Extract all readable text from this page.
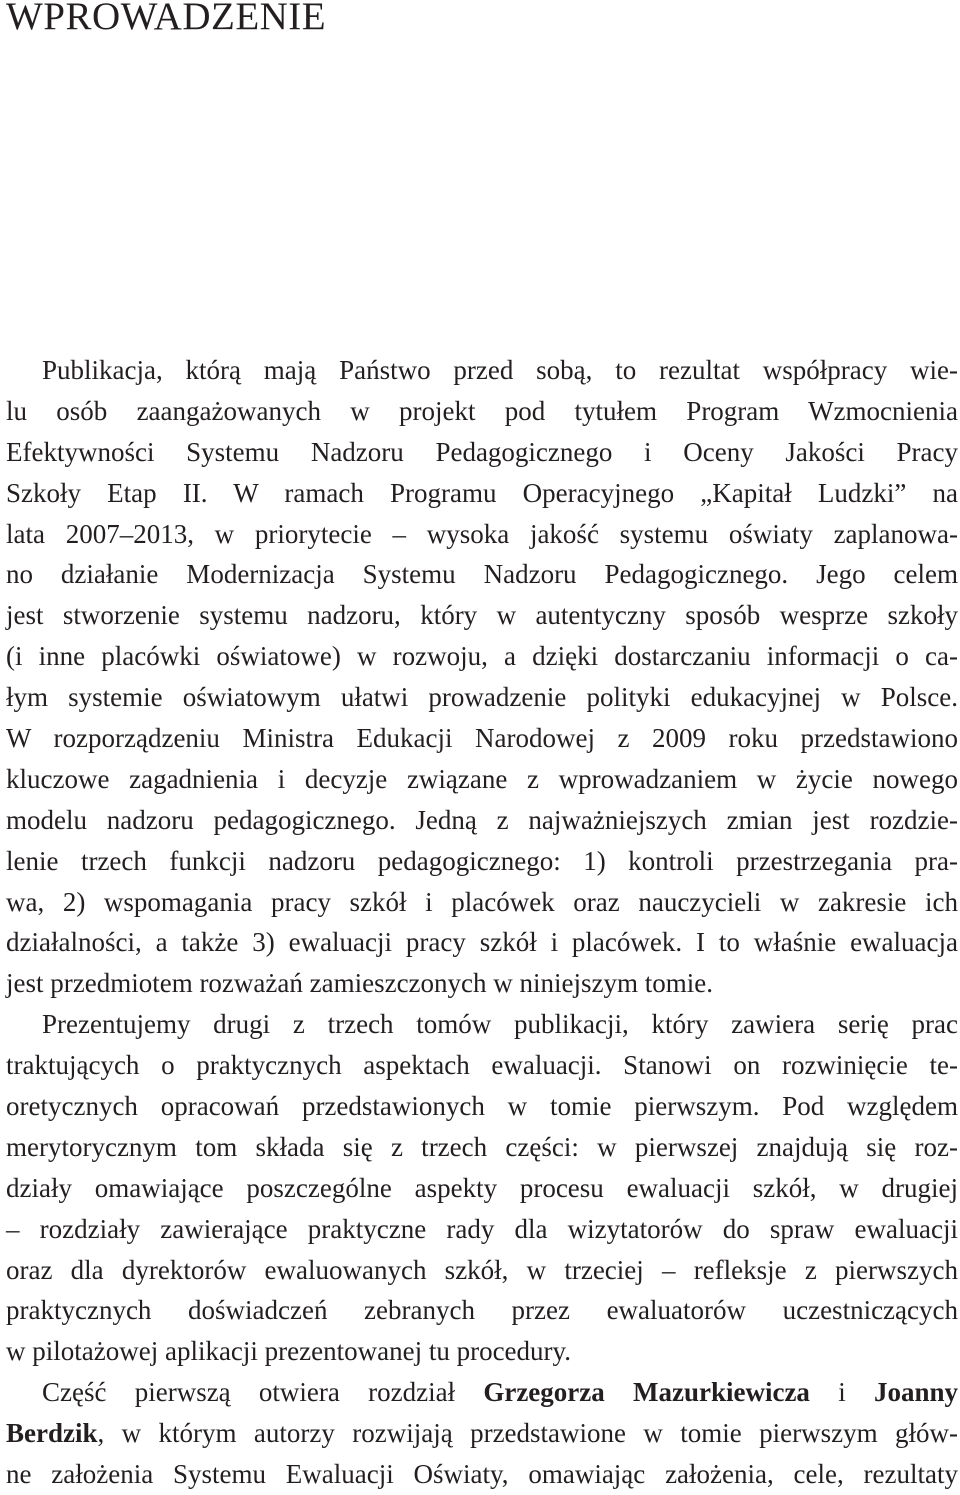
WPROWADZENIE
Publikacja, którą mają Państwo przed sobą, to rezultat współpracy wie-
lu osób zaangażowanych w projekt pod tytułem Program Wzmocnienia
Efektywności Systemu Nadzoru Pedagogicznego i Oceny Jakości Pracy
Szkoły Etap II. W ramach Programu Operacyjnego „Kapitał Ludzki” na
lata 2007–2013, w priorytecie – wysoka jakość systemu oświaty zaplanowa-
no działanie Modernizacja Systemu Nadzoru Pedagogicznego. Jego celem
jest stworzenie systemu nadzoru, który w autentyczny sposób wesprze szkoły
(i inne placówki oświatowe) w rozwoju, a dzięki dostarczaniu informacji o ca-
łym systemie oświatowym ułatwi prowadzenie polityki edukacyjnej w Polsce.
W rozporządzeniu Ministra Edukacji Narodowej z 2009 roku przedstawiono
kluczowe zagadnienia i decyzje związane z wprowadzaniem w życie nowego
modelu nadzoru pedagogicznego. Jedną z najważniejszych zmian jest rozdzie-
lenie trzech funkcji nadzoru pedagogicznego: 1) kontroli przestrzegania pra-
wa, 2) wspomagania pracy szkół i placówek oraz nauczycieli w zakresie ich
działalności, a także 3) ewaluacji pracy szkół i placówek. I to właśnie ewaluacja
jest przedmiotem rozważań zamieszczonych w niniejszym tomie.
Prezentujemy drugi z trzech tomów publikacji, który zawiera serię prac
traktujących o praktycznych aspektach ewaluacji. Stanowi on rozwinięcie te-
oretycznych opracowań przedstawionych w tomie pierwszym. Pod względem
merytorycznym tom składa się z trzech części: w pierwszej znajdują się roz-
działy omawiające poszczególne aspekty procesu ewaluacji szkół, w drugiej
– rozdziały zawierające praktyczne rady dla wizytatorów do spraw ewaluacji
oraz dla dyrektorów ewaluowanych szkół, w trzeciej – refleksje z pierwszych
praktycznych doświadczeń zebranych przez ewaluatorów uczestniczących
w pilotażowej aplikacji prezentowanej tu procedury.
Część pierwszą otwiera rozdział Grzegorza Mazurkiewicza i Joanny
Berdzik, w którym autorzy rozwijają przedstawione w tomie pierwszym głów-
ne założenia Systemu Ewaluacji Oświaty, omawiając założenia, cele, rezultaty
